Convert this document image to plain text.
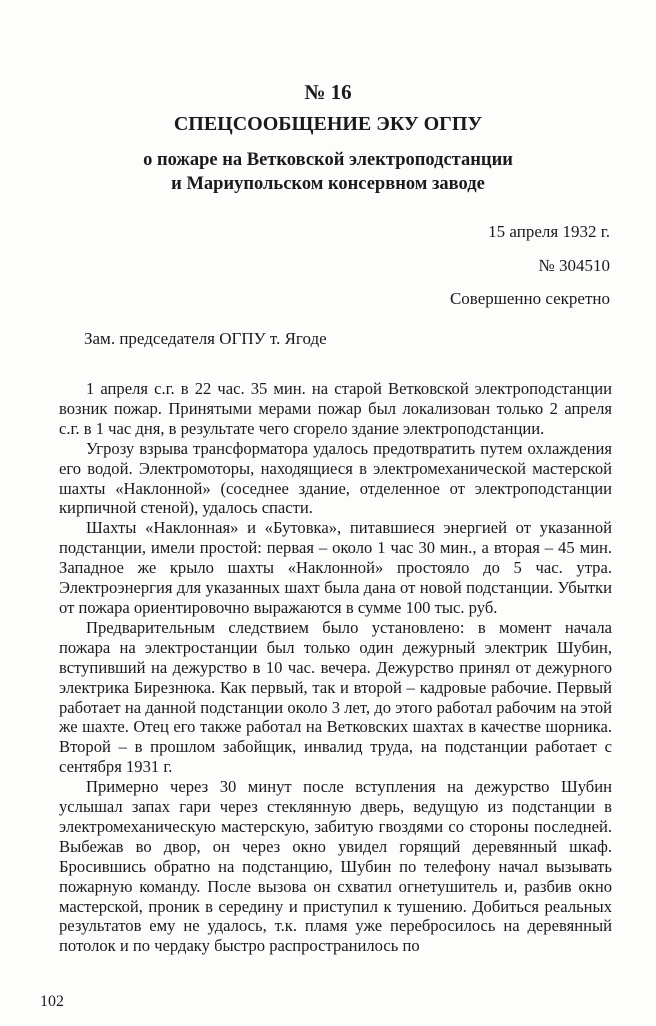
№ 16
СПЕЦСООБЩЕНИЕ ЭКУ ОГПУ
о пожаре на Ветковской электроподстанции
и Мариупольском консервном заводе
15 апреля 1932 г.
№ 304510
Совершенно секретно
Зам. председателя ОГПУ т. Ягоде

1 апреля с.г. в 22 час. 35 мин. на старой Ветковской электроподстанции возник пожар. Принятыми мерами пожар был локализован только 2 апреля с.г. в 1 час дня, в результате чего сгорело здание электроподстанции.

Угрозу взрыва трансформатора удалось предотвратить путем охлаждения его водой. Электромоторы, находящиеся в электромеханической мастерской шахты «Наклонной» (соседнее здание, отделенное от электроподстанции кирпичной стеной), удалось спасти.

Шахты «Наклонная» и «Бутовка», питавшиеся энергией от указанной подстанции, имели простой: первая – около 1 час 30 мин., а вторая – 45 мин. Западное же крыло шахты «Наклонной» простояло до 5 час. утра. Электроэнергия для указанных шахт была дана от новой подстанции. Убытки от пожара ориентировочно выражаются в сумме 100 тыс. руб.

Предварительным следствием было установлено: в момент начала пожара на электростанции был только один дежурный электрик Шубин, вступивший на дежурство в 10 час. вечера. Дежурство принял от дежурного электрика Бирезнюка. Как первый, так и второй – кадровые рабочие. Первый работает на данной подстанции около 3 лет, до этого работал рабочим на этой же шахте. Отец его также работал на Ветковских шахтах в качестве шорника. Второй – в прошлом забойщик, инвалид труда, на подстанции работает с сентября 1931 г.

Примерно через 30 минут после вступления на дежурство Шубин услышал запах гари через стеклянную дверь, ведущую из подстанции в электромеханическую мастерскую, забитую гвоздями со стороны последней. Выбежав во двор, он через окно увидел горящий деревянный шкаф. Бросившись обратно на подстанцию, Шубин по телефону начал вызывать пожарную команду. После вызова он схватил огнетушитель и, разбив окно мастерской, проник в середину и приступил к тушению. Добиться реальных результатов ему не удалось, т.к. пламя уже перебросилось на деревянный потолок и по чердаку быстро распространилось по

102
